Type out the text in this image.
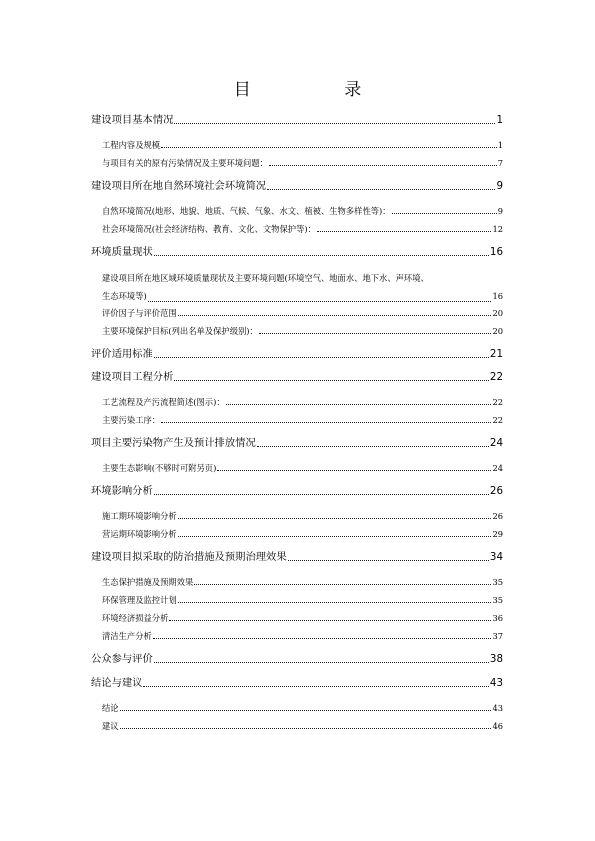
目 录
建设项目基本情况	1
工程内容及规模	1
与项目有关的原有污染情况及主要环境问题：	7
建设项目所在地自然环境社会环境简况	9
自然环境简况(地形、地貌、地质、气候、气象、水文、植被、生物多样性等)：	9
社会环境简况(社会经济结构、教育、文化、文物保护等)：	12
环境质量现状	16
建设项目所在地区域环境质量现状及主要环境问题(环境空气、地面水、地下水、声环境、
生态环境等)	16
评价因子与评价范围	20
主要环境保护目标(列出名单及保护级别)：	20
评价适用标准	21
建设项目工程分析	22
工艺流程及产污流程简述(图示)：	22
主要污染工序：	22
项目主要污染物产生及预计排放情况	24
主要生态影响(不够时可附另页)	24
环境影响分析	26
施工期环境影响分析	26
营运期环境影响分析	29
建设项目拟采取的防治措施及预期治理效果	34
生态保护措施及预期效果	35
环保管理及监控计划	35
环境经济损益分析	36
清洁生产分析	37
公众参与评价	38
结论与建议	43
结论	43
建议	46
